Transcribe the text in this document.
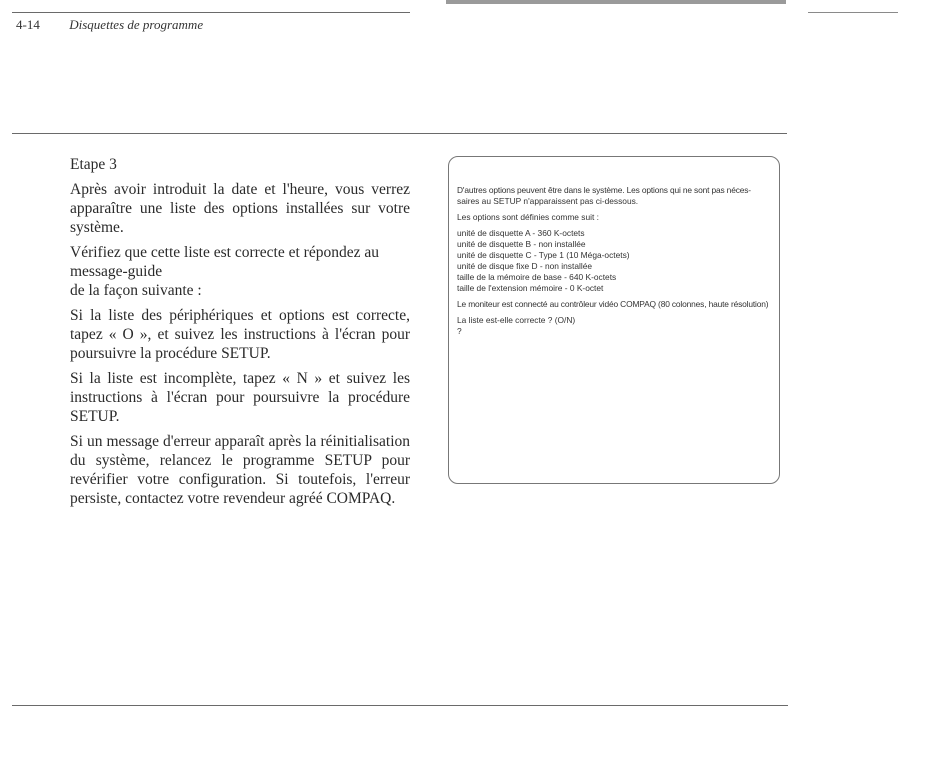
4-14 Disquettes de programme
Etape 3

Après avoir introduit la date et l'heure, vous verrez apparaître une liste des options installées sur votre système.

Vérifiez que cette liste est correcte et répondez au message-guide

de la façon suivante :

Si la liste des périphériques et options est correcte, tapez « O », et suivez les instructions à l'écran pour poursuivre la procédure SETUP.

Si la liste est incomplète, tapez « N » et suivez les instructions à l'écran pour poursuivre la procédure SETUP.

Si un message d'erreur apparaît après la réinitialisation du système, relancez le programme SETUP pour revérifier votre configuration. Si toutefois, l'erreur persiste, contactez votre revendeur agréé COMPAQ.

D'autres options peuvent être dans le système. Les options qui ne sont pas néces-
saires au SETUP n'apparaissent pas ci-dessous.
Les options sont définies comme suit :
unité de disquette A - 360 K-octets
unité de disquette B - non installée
unité de disquette C - Type 1 (10 Méga-octets)
unité de disque fixe D - non installée
taille de la mémoire de base - 640 K-octets
taille de l'extension mémoire - 0 K-octet
Le moniteur est connecté au contrôleur vidéo COMPAQ (80 colonnes, haute résolution)
La liste est-elle correcte ? (O/N)
?
